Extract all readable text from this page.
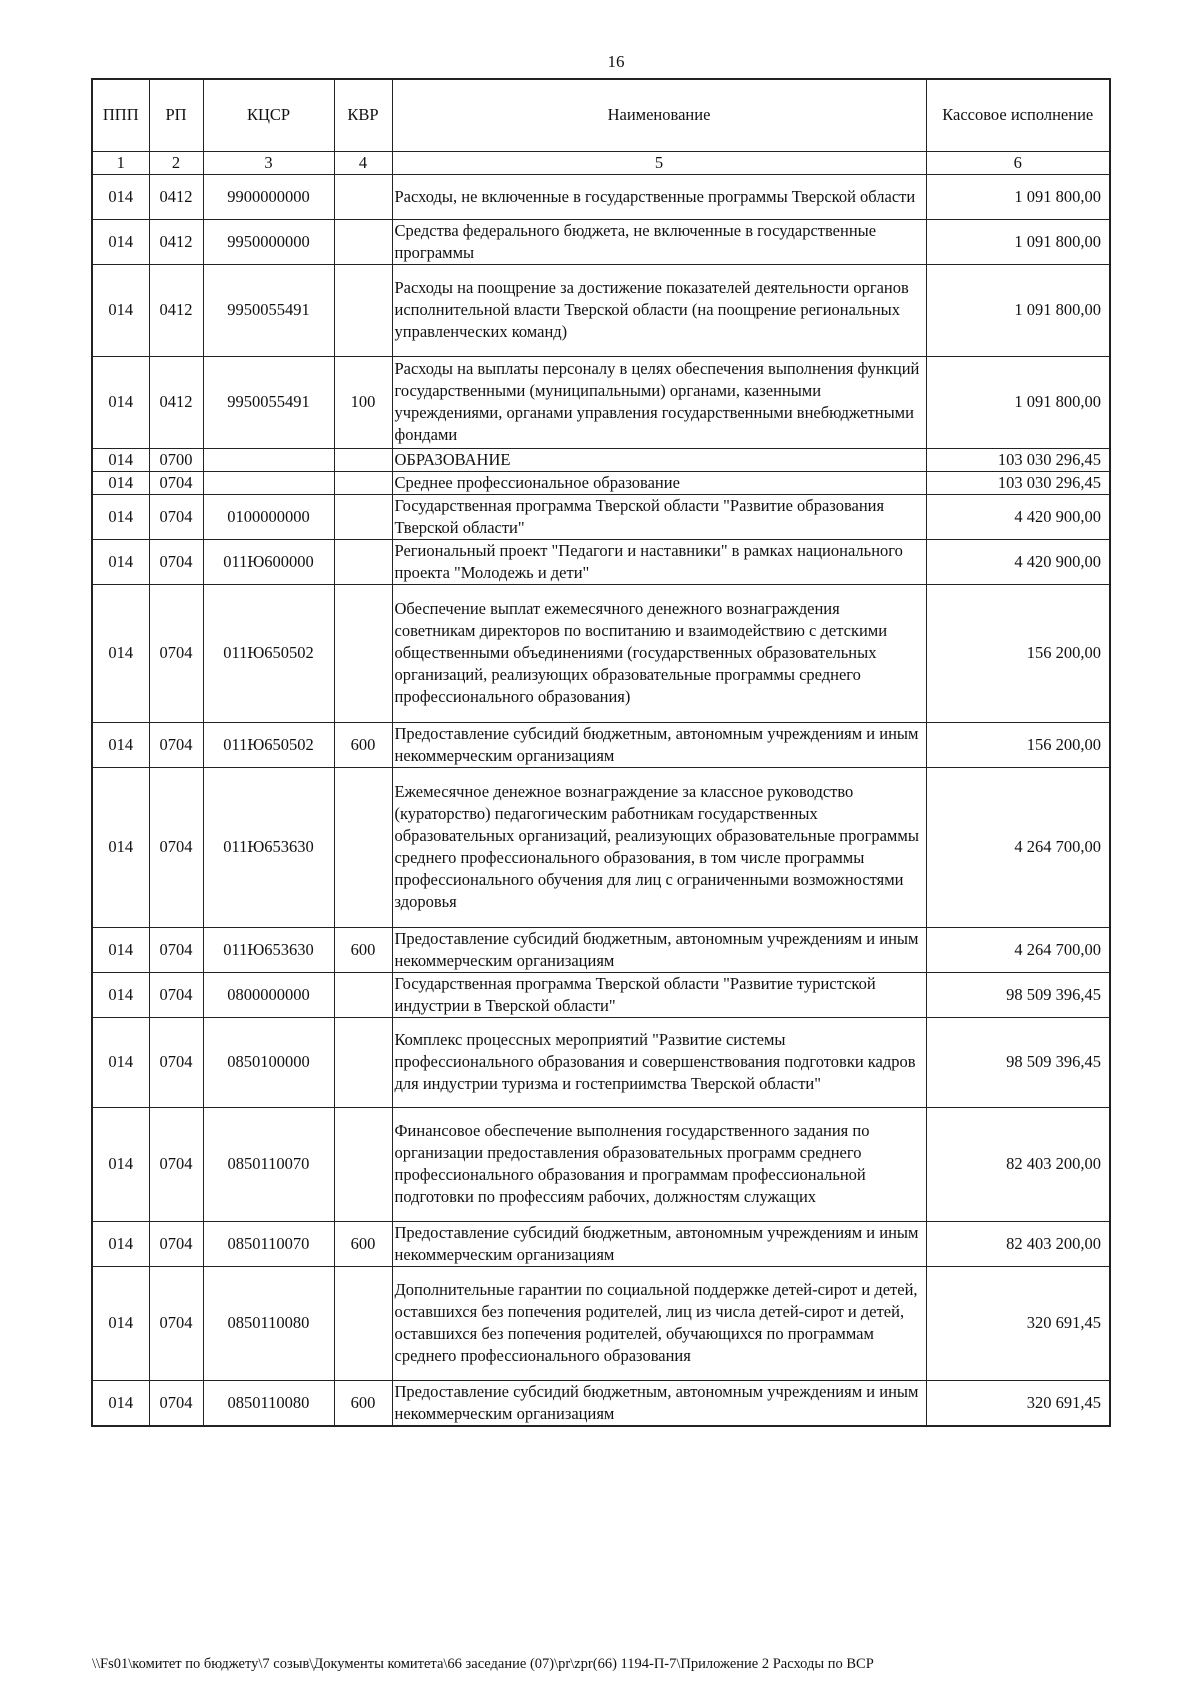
16
ППП	РП	КЦСР	КВР	Наименование	Кассовое исполнение
1	2	3	4	5	6
014	0412	9900000000		Расходы, не включенные в государственные программы Тверской области	1 091 800,00
014	0412	9950000000		Средства федерального бюджета, не включенные в государственные программы	1 091 800,00
014	0412	9950055491		Расходы на поощрение за достижение показателей деятельности органов исполнительной власти Тверской области (на поощрение региональных управленческих команд)	1 091 800,00
014	0412	9950055491	100	Расходы на выплаты персоналу в целях обеспечения выполнения функций государственными (муниципальными) органами, казенными учреждениями, органами управления государственными внебюджетными фондами	1 091 800,00
014	0700			ОБРАЗОВАНИЕ	103 030 296,45
014	0704			Среднее профессиональное образование	103 030 296,45
014	0704	0100000000		Государственная программа Тверской области "Развитие образования Тверской области"	4 420 900,00
014	0704	011Ю600000		Региональный проект "Педагоги и наставники" в рамках национального проекта "Молодежь и дети"	4 420 900,00
014	0704	011Ю650502		Обеспечение выплат ежемесячного денежного вознаграждения советникам директоров по воспитанию и взаимодействию с детскими общественными объединениями (государственных образовательных организаций, реализующих образовательные программы среднего профессионального образования)	156 200,00
014	0704	011Ю650502	600	Предоставление субсидий бюджетным, автономным учреждениям и иным некоммерческим организациям	156 200,00
014	0704	011Ю653630		Ежемесячное денежное вознаграждение за классное руководство (кураторство) педагогическим работникам государственных образовательных организаций, реализующих образовательные программы среднего профессионального образования, в том числе программы профессионального обучения для лиц с ограниченными возможностями здоровья	4 264 700,00
014	0704	011Ю653630	600	Предоставление субсидий бюджетным, автономным учреждениям и иным некоммерческим организациям	4 264 700,00
014	0704	0800000000		Государственная программа Тверской области "Развитие туристской индустрии в Тверской области"	98 509 396,45
014	0704	0850100000		Комплекс процессных мероприятий "Развитие системы профессионального образования и совершенствования подготовки кадров для индустрии туризма и гостеприимства Тверской области"	98 509 396,45
014	0704	0850110070		Финансовое обеспечение выполнения государственного задания по организации предоставления образовательных программ среднего профессионального образования и программам профессиональной подготовки по профессиям рабочих, должностям служащих	82 403 200,00
014	0704	0850110070	600	Предоставление субсидий бюджетным, автономным учреждениям и иным некоммерческим организациям	82 403 200,00
014	0704	0850110080		Дополнительные гарантии по социальной поддержке детей-сирот и детей, оставшихся без попечения родителей, лиц из числа детей-сирот и детей, оставшихся без попечения родителей, обучающихся по программам среднего профессионального образования	320 691,45
014	0704	0850110080	600	Предоставление субсидий бюджетным, автономным учреждениям и иным некоммерческим организациям	320 691,45
\\Fs01\комитет по бюджету\7 созыв\Документы комитета\66 заседание (07)\pr\zpr(66) 1194-П-7\Приложение 2 Расходы по ВСР
